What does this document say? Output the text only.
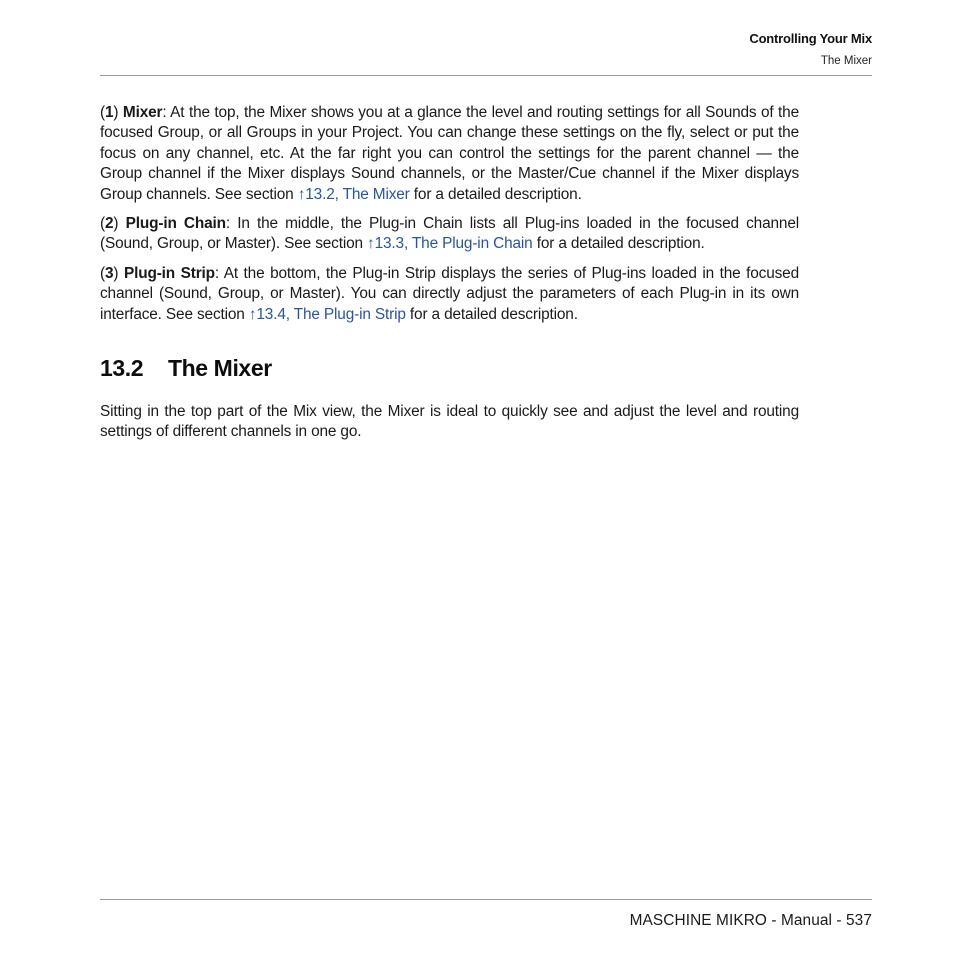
Controlling Your Mix
The Mixer

(1) Mixer: At the top, the Mixer shows you at a glance the level and routing settings for all Sounds of the focused Group, or all Groups in your Project. You can change these settings on the fly, select or put the focus on any channel, etc. At the far right you can control the settings for the parent channel — the Group channel if the Mixer displays Sound channels, or the Master/Cue channel if the Mixer displays Group channels. See section ↑13.2, The Mixer for a detailed description.

(2) Plug-in Chain: In the middle, the Plug-in Chain lists all Plug-ins loaded in the focused channel (Sound, Group, or Master). See section ↑13.3, The Plug-in Chain for a detailed description.

(3) Plug-in Strip: At the bottom, the Plug-in Strip displays the series of Plug-ins loaded in the focused channel (Sound, Group, or Master). You can directly adjust the parameters of each Plug-in in its own interface. See section ↑13.4, The Plug-in Strip for a detailed description.

13.2	The Mixer

Sitting in the top part of the Mix view, the Mixer is ideal to quickly see and adjust the level and routing settings of different channels in one go.

MASCHINE MIKRO - Manual - 537
